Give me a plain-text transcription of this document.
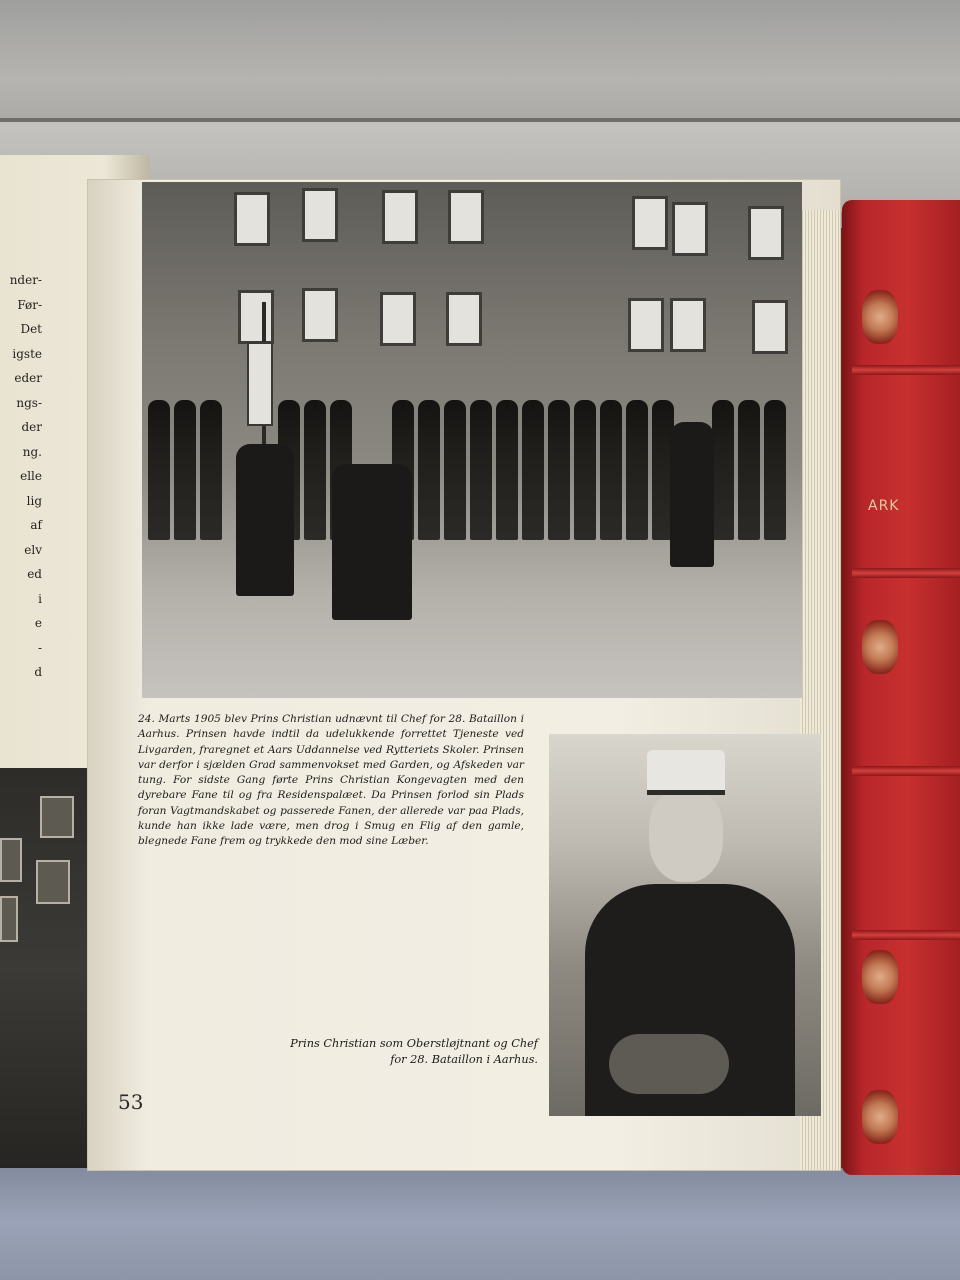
ARK
nder-
Før-
Det
igste
eder
ngs-
der
ng.
elle
lig
af
elv
ed
i
e
-
d
24. Marts 1905 blev Prins Christian udnævnt til Chef for 28. Bataillon i Aarhus. Prinsen havde indtil da udelukkende forrettet Tjeneste ved Livgarden, fraregnet et Aars Uddannelse ved Rytteriets Skoler. Prinsen var derfor i sjælden Grad sammenvokset med Garden, og Afskeden var tung. For sidste Gang førte Prins Christian Kongevagten med den dyrebare Fane til og fra Residenspalæet. Da Prinsen forlod sin Plads foran Vagtmandskabet og passerede Fanen, der allerede var paa Plads, kunde han ikke lade være, men drog i Smug en Flig af den gamle, blegnede Fane frem og trykkede den mod sine Læber.
Prins Christian som Oberstløjtnant og Chef for 28. Bataillon i Aarhus.
53
